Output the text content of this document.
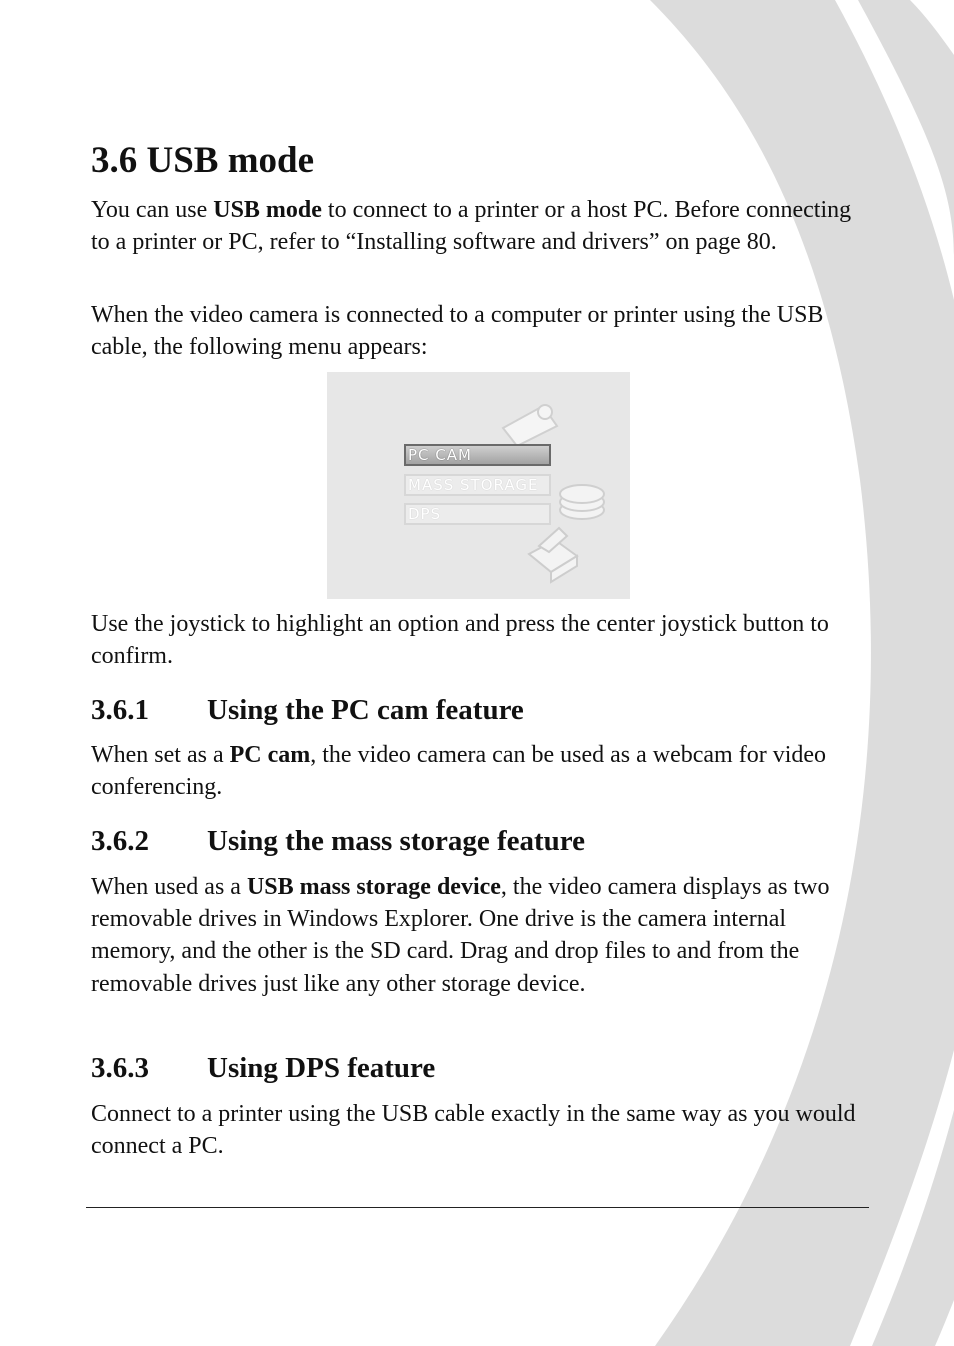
3.6 USB mode

You can use USB mode to connect to a printer or a host PC. Before connecting to a printer or PC, refer to “Installing software and drivers” on page 80.

When the video camera is connected to a computer or printer using the USB cable, the following menu appears:

Use the joystick to highlight an option and press the center joystick button to confirm.

3.6.1 Using the PC cam feature

When set as a PC cam, the video camera can be used as a webcam for video conferencing.

3.6.2 Using the mass storage feature

When used as a USB mass storage device, the video camera displays as two removable drives in Windows Explorer. One drive is the camera internal memory, and the other is the SD card. Drag and drop files to and from the removable drives just like any other storage device.

3.6.3 Using DPS feature

Connect to a printer using the USB cable exactly in the same way as you would connect a PC.

PC CAM
MASS STORAGE
DPS
